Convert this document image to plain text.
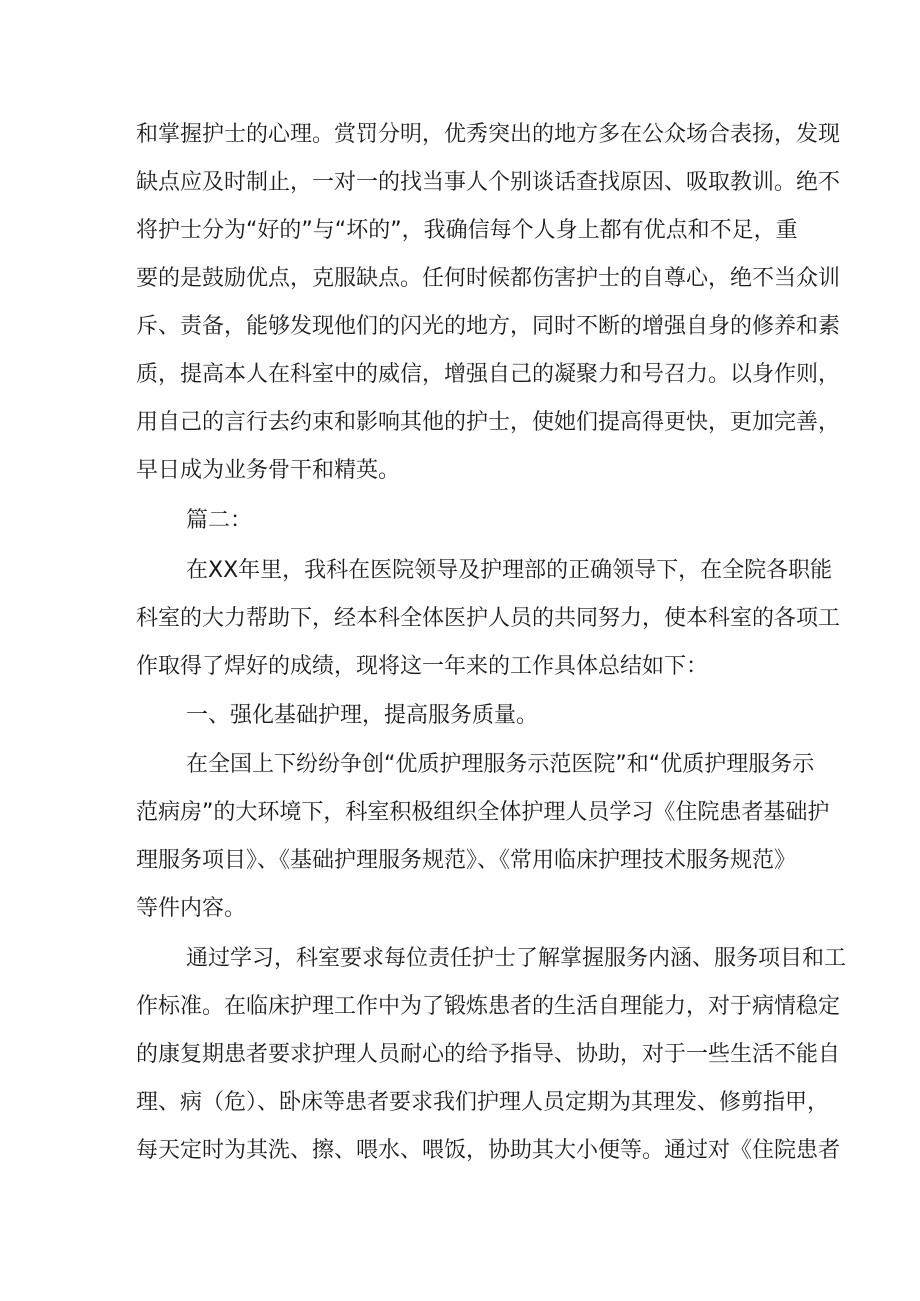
和掌握护士的心理。赏罚分明，优秀突出的地方多在公众场合表扬，发现
缺点应及时制止，一对一的找当事人个别谈话查找原因、吸取教训。绝不
将护士分为“好的”与“坏的”，我确信每个人身上都有优点和不足，重
要的是鼓励优点，克服缺点。任何时候都伤害护士的自尊心，绝不当众训
斥、责备，能够发现他们的闪光的地方，同时不断的增强自身的修养和素
质，提高本人在科室中的威信，增强自己的凝聚力和号召力。以身作则，
用自己的言行去约束和影响其他的护士，使她们提高得更快，更加完善，
早日成为业务骨干和精英。
篇二：
在XX年里，我科在医院领导及护理部的正确领导下，在全院各职能
科室的大力帮助下，经本科全体医护人员的共同努力，使本科室的各项工
作取得了焊好的成绩，现将这一年来的工作具体总结如下：
一、强化基础护理，提高服务质量。
在全国上下纷纷争创“优质护理服务示范医院”和“优质护理服务示
范病房”的大环境下，科室积极组织全体护理人员学习《住院患者基础护
理服务项目》、《基础护理服务规范》、《常用临床护理技术服务规范》
等件内容。
通过学习，科室要求每位责任护士了解掌握服务内涵、服务项目和工
作标准。在临床护理工作中为了锻炼患者的生活自理能力，对于病情稳定
的康复期患者要求护理人员耐心的给予指导、协助，对于一些生活不能自
理、病（危）、卧床等患者要求我们护理人员定期为其理发、修剪指甲，
每天定时为其洗、擦、喂水、喂饭，协助其大小便等。通过对《住院患者
